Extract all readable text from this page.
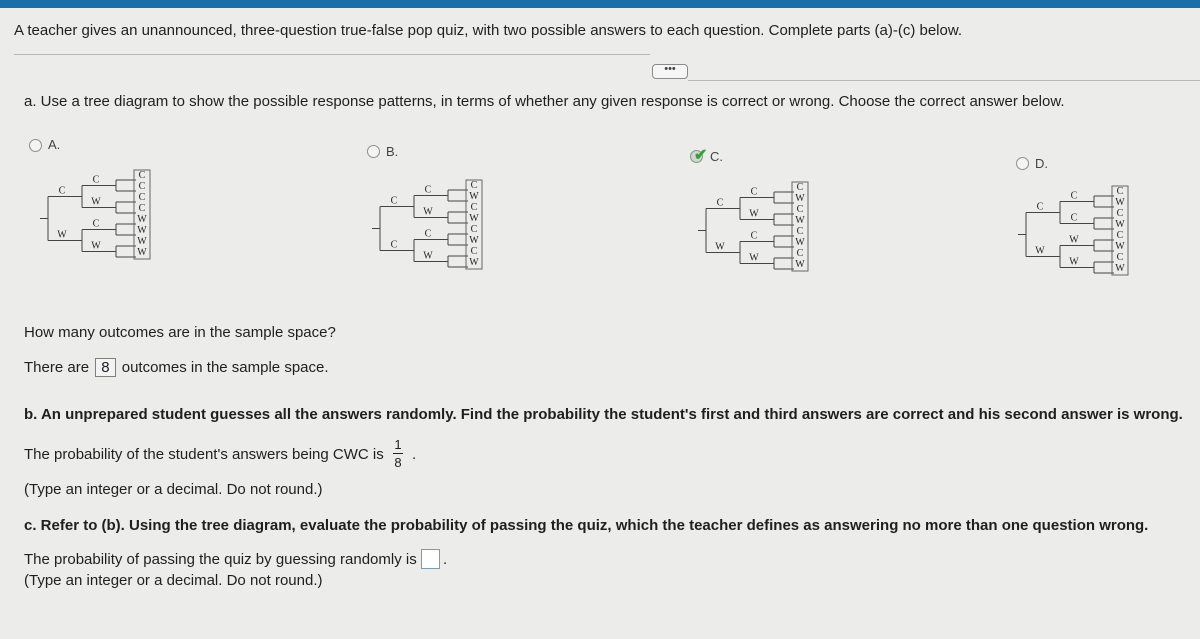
A teacher gives an unannounced, three-question true-false pop quiz, with two possible answers to each question. Complete parts (a)-(c) below.
•••
a. Use a tree diagram to show the possible response patterns, in terms of whether any given response is correct or wrong. Choose the correct answer below.
A.
C
W
C
W
C
W
C
C
C
C
W
W
W
W
B.
C
C
C
W
C
W
C
W
C
W
C
W
C
W
✔ C.
C
W
C
W
C
W
C
W
C
W
C
W
C
W
D.
C
W
C
C
W
W
C
W
C
W
C
W
C
W
How many outcomes are in the sample space?
There are 8 outcomes in the sample space.
b. An unprepared student guesses all the answers randomly. Find the probability the student's first and third answers are correct and his second answer is wrong.
The probability of the student's answers being CWC is
1
8 .
(Type an integer or a decimal. Do not round.)
c. Refer to (b). Using the tree diagram, evaluate the probability of passing the quiz, which the teacher defines as answering no more than one question wrong.
The probability of passing the quiz by guessing randomly is .
(Type an integer or a decimal. Do not round.)
